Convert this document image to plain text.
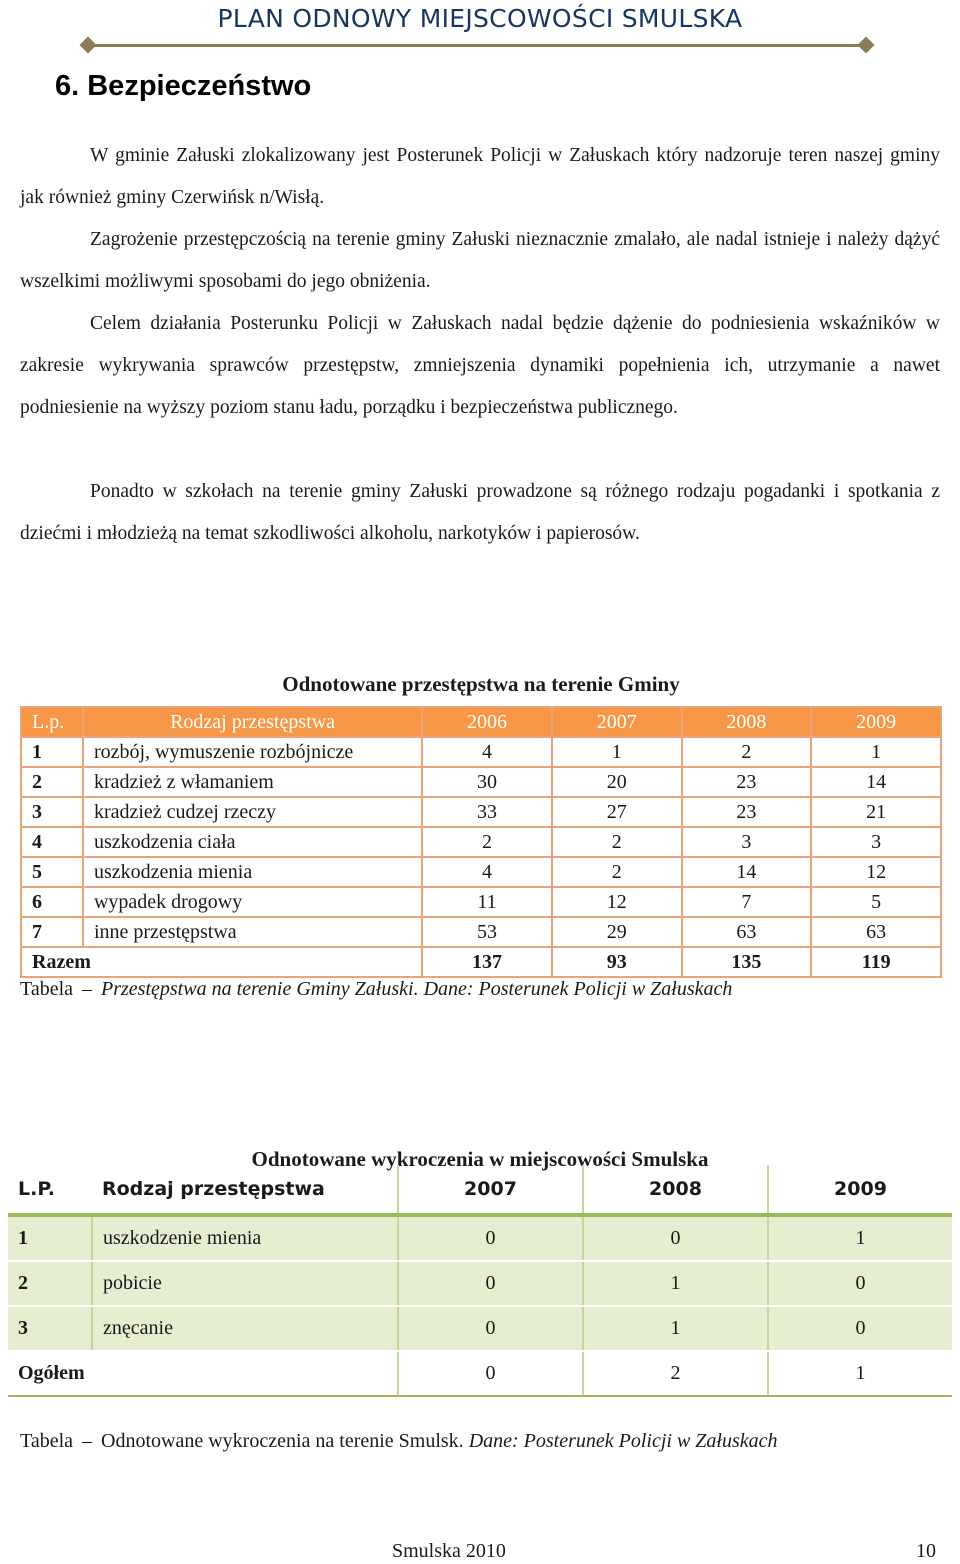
PLAN ODNOWY MIEJSCOWOŚCI SMULSKA
6. Bezpieczeństwo

W gminie Załuski zlokalizowany jest Posterunek Policji w Załuskach który nadzoruje teren naszej gminy jak również gminy Czerwińsk n/Wisłą.

Zagrożenie przestępczością na terenie gminy Załuski nieznacznie zmalało, ale nadal istnieje i należy dążyć wszelkimi możliwymi sposobami do jego obniżenia.

Celem działania Posterunku Policji w Załuskach nadal będzie dążenie do podniesienia wskaźników w zakresie wykrywania sprawców przestępstw, zmniejszenia dynamiki popełnienia ich, utrzymanie a nawet podniesienie na wyższy poziom stanu ładu, porządku i bezpieczeństwa publicznego.

Ponadto w szkołach na terenie gminy Załuski prowadzone są różnego rodzaju pogadanki i spotkania z dziećmi i młodzieżą na temat szkodliwości alkoholu, narkotyków i papierosów.

Odnotowane przestępstwa na terenie Gminy
L.p.	Rodzaj przestępstwa	2006	2007	2008	2009
1	rozbój, wymuszenie rozbójnicze	4	1	2	1
2	kradzież z włamaniem	30	20	23	14
3	kradzież cudzej rzeczy	33	27	23	21
4	uszkodzenia ciała	2	2	3	3
5	uszkodzenia mienia	4	2	14	12
6	wypadek drogowy	11	12	7	5
7	inne przestępstwa	53	29	63	63
Razem		137	93	135	119
Tabela – Przestępstwa na terenie Gminy Załuski. Dane: Posterunek Policji w Załuskach
Odnotowane wykroczenia w miejscowości Smulska
L.P.	Rodzaj przestępstwa	2007	2008	2009
1	uszkodzenie mienia	0	0	1
2	pobicie	0	1	0
3	znęcanie	0	1	0
Ogółem		0	2	1
Tabela – Odnotowane wykroczenia na terenie Smulsk. Dane: Posterunek Policji w Załuskach
Smulska 2010	10
